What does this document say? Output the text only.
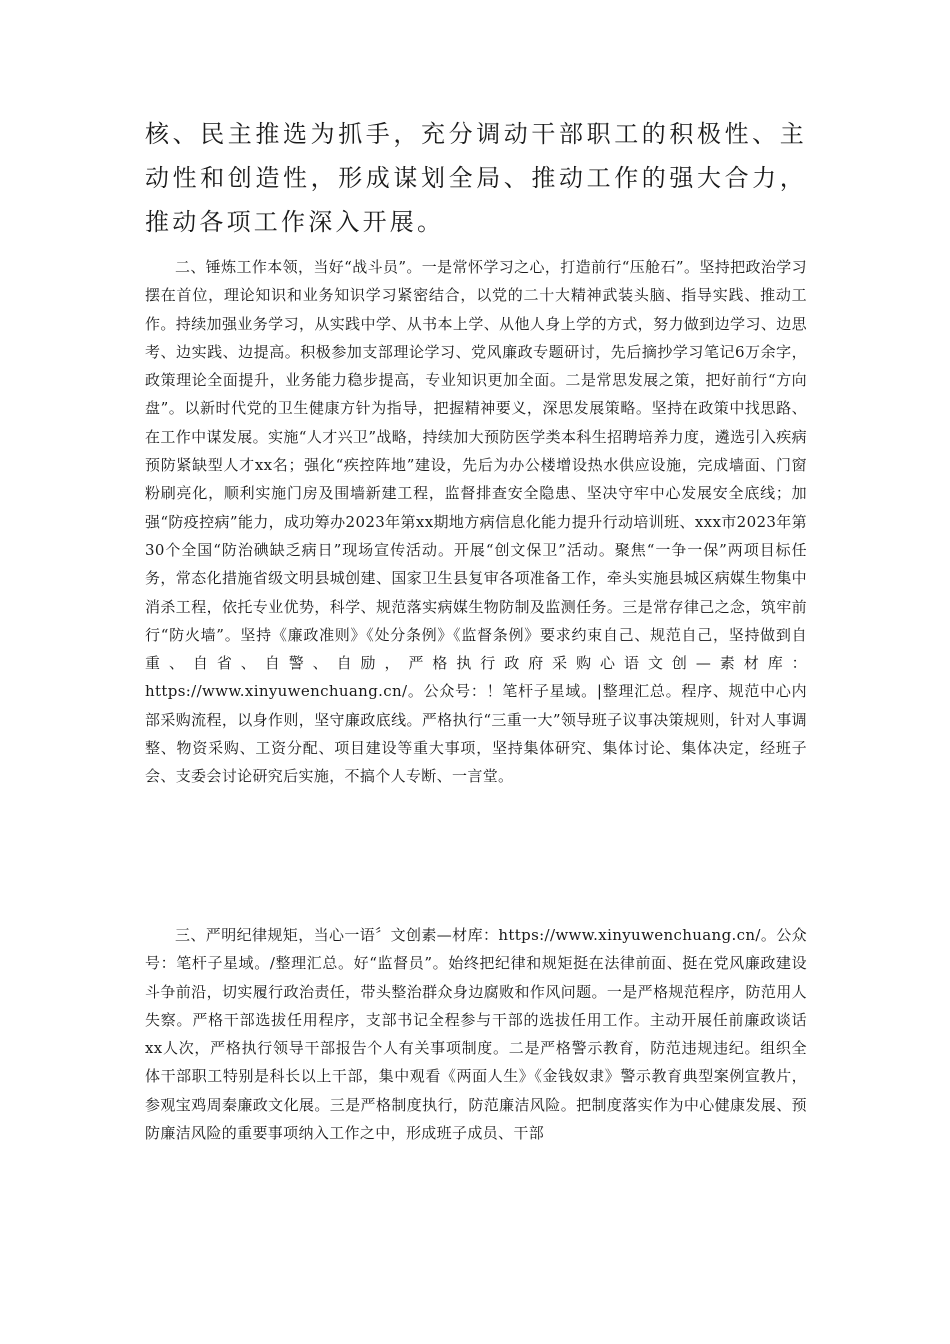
核、民主推选为抓手，充分调动干部职工的积极性、主动性和创造性，形成谋划全局、推动工作的强大合力，推动各项工作深入开展。

二、锤炼工作本领，当好“战斗员”。一是常怀学习之心，打造前行“压舱石”。坚持把政治学习摆在首位，理论知识和业务知识学习紧密结合，以党的二十大精神武装头脑、指导实践、推动工作。持续加强业务学习，从实践中学、从书本上学、从他人身上学的方式，努力做到边学习、边思考、边实践、边提高。积极参加支部理论学习、党风廉政专题研讨，先后摘抄学习笔记6万余字，政策理论全面提升，业务能力稳步提高，专业知识更加全面。二是常思发展之策，把好前行“方向盘”。以新时代党的卫生健康方针为指导，把握精神要义，深思发展策略。坚持在政策中找思路、在工作中谋发展。实施“人才兴卫”战略，持续加大预防医学类本科生招聘培养力度，遴选引入疾病预防紧缺型人才xx名；强化“疾控阵地”建设，先后为办公楼增设热水供应设施，完成墙面、门窗粉刷亮化，顺利实施门房及围墙新建工程，监督排查安全隐患、坚决守牢中心发展安全底线；加强“防疫控病”能力，成功筹办2023年第xx期地方病信息化能力提升行动培训班、xxx市2023年第30个全国“防治碘缺乏病日”现场宣传活动。开展“创文保卫”活动。聚焦“一争一保”两项目标任务，常态化措施省级文明县城创建、国家卫生县复审各项准备工作，牵头实施县城区病媒生物集中消杀工程，依托专业优势，科学、规范落实病媒生物防制及监测任务。三是常存律己之念，筑牢前行“防火墙”。坚持《廉政准则》《处分条例》《监督条例》要求约束自己、规范自己，坚持做到自重、自省、自警、自励，严格执行政府采购心语文创—素材库：https://www.xinyuwenchuang.cn/。公众号：！笔杆子星域。|整理汇总。程序、规范中心内部采购流程，以身作则，坚守廉政底线。严格执行“三重一大”领导班子议事决策规则，针对人事调整、物资采购、工资分配、项目建设等重大事项，坚持集体研究、集体讨论、集体决定，经班子会、支委会讨论研究后实施，不搞个人专断、一言堂。

三、严明纪律规矩，当心一语〞文创素—材库：https://www.xinyuwenchuang.cn/。公众号：笔杆子星域。/整理汇总。好“监督员”。始终把纪律和规矩挺在法律前面、挺在党风廉政建设斗争前沿，切实履行政治责任，带头整治群众身边腐败和作风问题。一是严格规范程序，防范用人失察。严格干部选拔任用程序，支部书记全程参与干部的选拔任用工作。主动开展任前廉政谈话xx人次，严格执行领导干部报告个人有关事项制度。二是严格警示教育，防范违规违纪。组织全体干部职工特别是科长以上干部，集中观看《两面人生》《金钱奴隶》警示教育典型案例宣教片，参观宝鸡周秦廉政文化展。三是严格制度执行，防范廉洁风险。把制度落实作为中心健康发展、预防廉洁风险的重要事项纳入工作之中，形成班子成员、干部
